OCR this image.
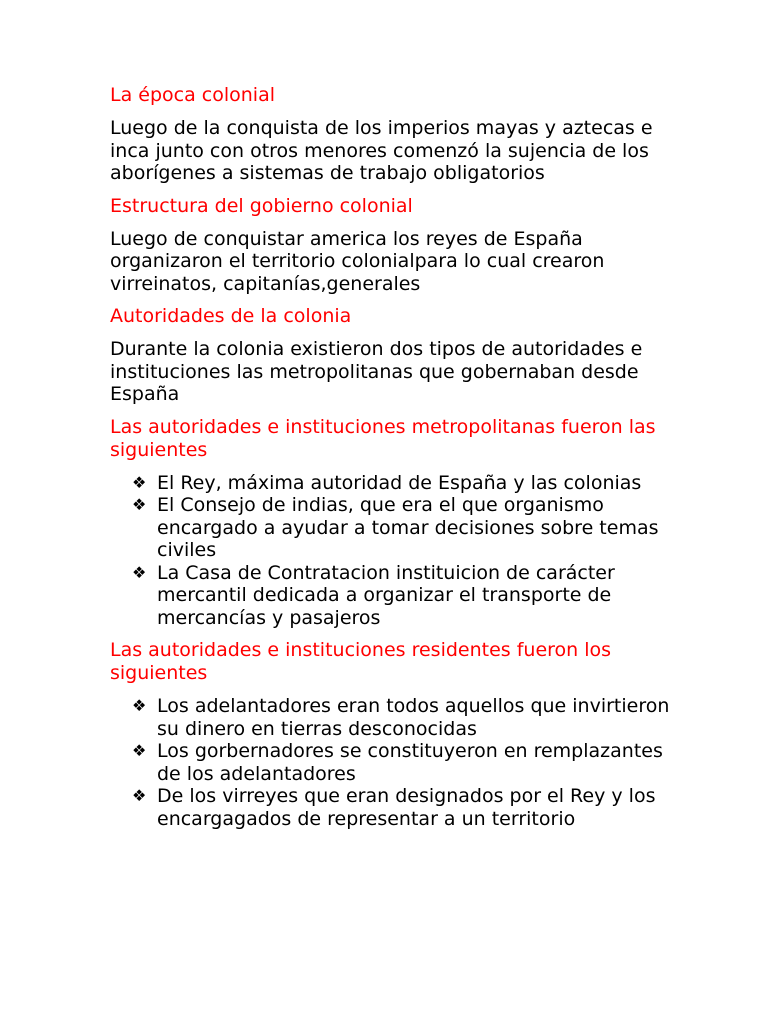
La época colonial

Luego de la conquista de los imperios mayas y aztecas e inca junto con otros menores comenzó la sujencia de los aborígenes a sistemas de trabajo obligatorios

Estructura del gobierno colonial

Luego de conquistar america los reyes de España organizaron el territorio colonialpara lo cual crearon virreinatos, capitanías,generales

Autoridades de la colonia

Durante la colonia existieron dos tipos de autoridades e instituciones las metropolitanas que gobernaban desde España

Las autoridades e instituciones metropolitanas fueron las siguientes
❖ El Rey, máxima autoridad de España y las colonias
❖ El Consejo de indias, que era el que organismo encargado a ayudar a tomar decisiones sobre temas civiles
❖ La Casa de Contratacion instituicion de carácter mercantil dedicada a organizar el transporte de mercancías y pasajeros
Las autoridades e instituciones residentes fueron los siguientes
❖ Los adelantadores eran todos aquellos que invirtieron su dinero en tierras desconocidas
❖ Los gorbernadores se constituyeron en remplazantes de los adelantadores
❖ De los virreyes que eran designados por el Rey y los encargagados de representar a un territorio
